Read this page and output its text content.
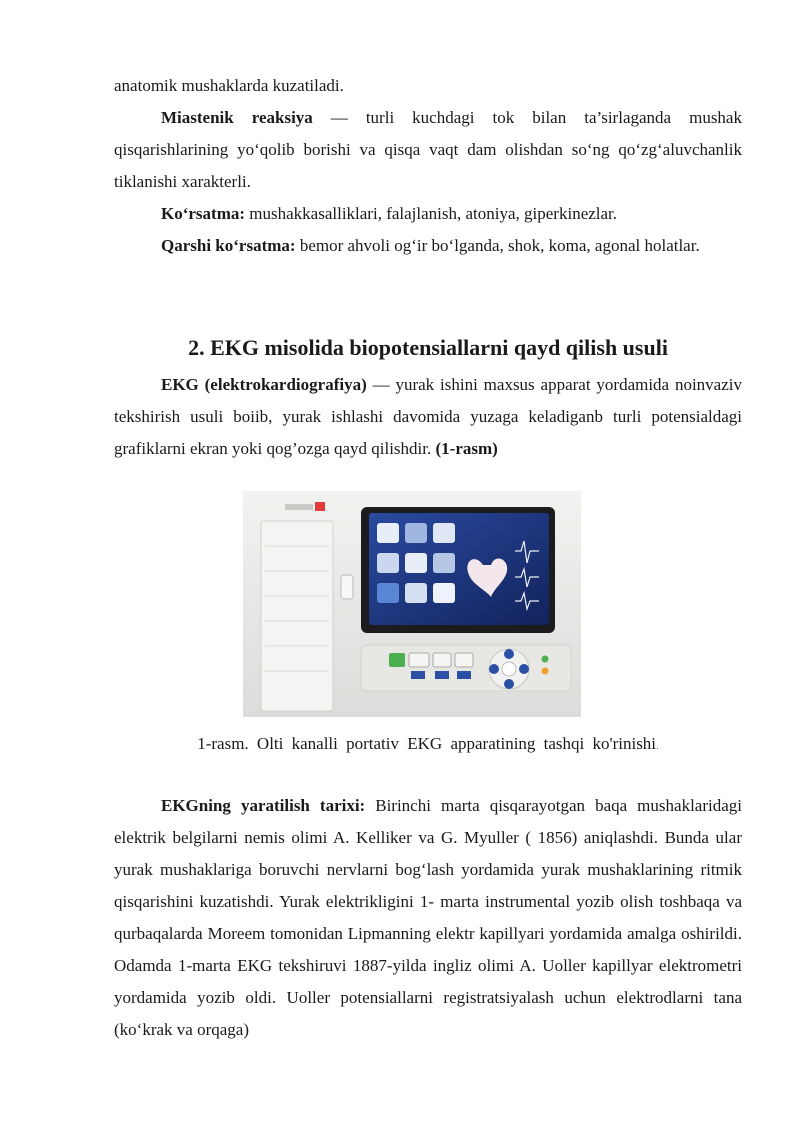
anatomik mushaklarda kuzatiladi.

Miastenik reaksiya — turli kuchdagi tok bilan ta’sirlaganda mushak qisqarishlarining yo‘qolib borishi va qisqa vaqt dam olishdan so‘ng qo‘zg‘aluvchanlik tiklanishi xarakterli.

Ko‘rsatma: mushakkasalliklari, falajlanish, atoniya, giperkinezlar.

Qarshi ko‘rsatma: bemor ahvoli og‘ir bo‘lganda, shok, koma, agonal holatlar.

2. EKG misolida biopotensiallarni qayd qilish usuli

EKG (elektrokardiografiya) — yurak ishini maxsus apparat yordamida noinvaziv tekshirish usuli boiib, yurak ishlashi davomida yuzaga keladiganb turli potensialdagi grafiklarni ekran yoki qog’ozga qayd qilishdir. (1-rasm)

1-rasm. Olti kanalli portativ EKG apparatining tashqi ko'rinishi.

EKGning yaratilish tarixi: Birinchi marta qisqarayotgan baqa mushaklaridagi elektrik belgilarni nemis olimi A. Kelliker va G. Myuller ( 1856) aniqlashdi. Bunda ular yurak mushaklariga boruvchi nervlarni bog‘lash yordamida yurak mushaklarining ritmik qisqarishini kuzatishdi. Yurak elektrikligini 1- marta instrumental yozib olish toshbaqa va qurbaqalarda Moreem tomonidan Lipmanning elektr kapillyari yordamida amalga oshirildi. Odamda 1-marta EKG tekshiruvi 1887-yilda ingliz olimi A. Uoller kapillyar elektrometri yordamida yozib oldi. Uoller potensiallarni registratsiyalash uchun elektrodlarni tana (ko‘krak va orqaga)
